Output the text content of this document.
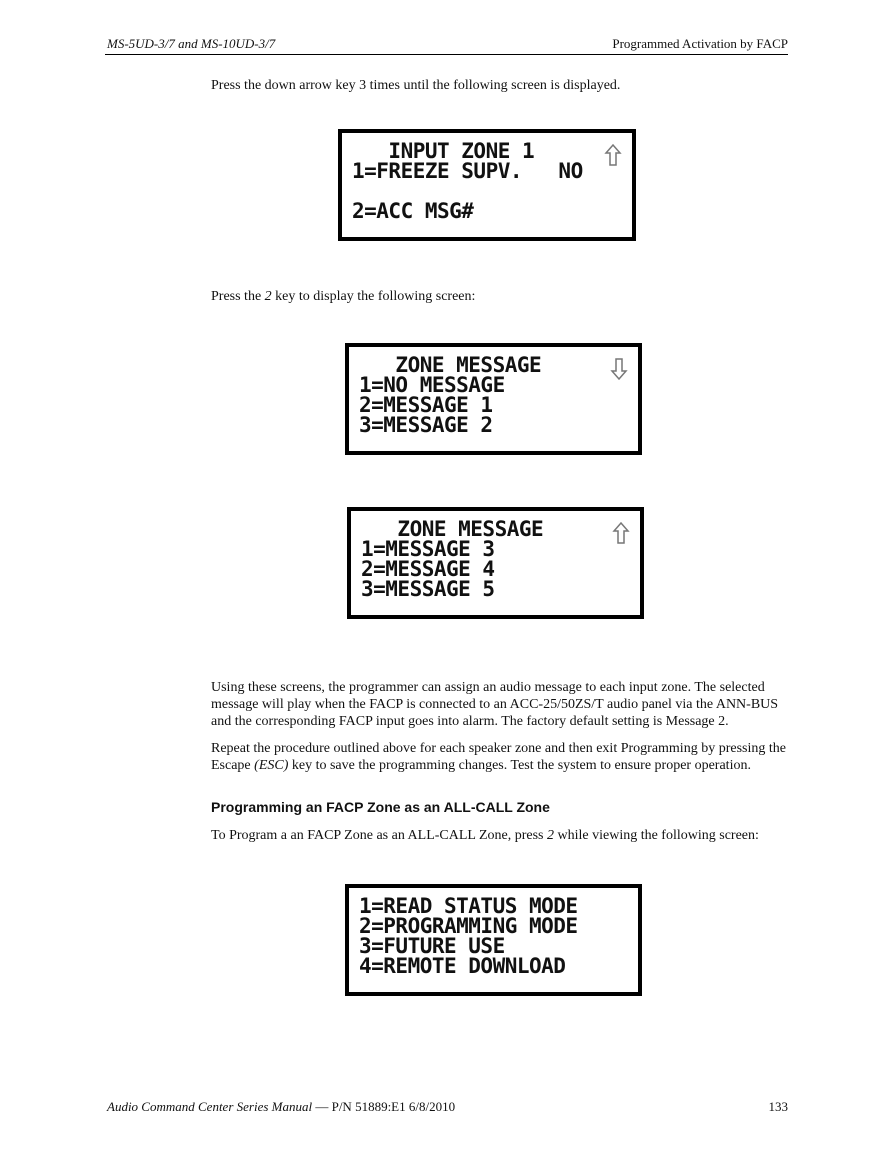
MS-5UD-3/7 and MS-10UD-3/7	Programmed Activation by FACP
Press the down arrow key 3 times until the following screen is displayed.
INPUT ZONE 1
1=FREEZE SUPV.   NO
2=ACC MSG#
Press the 2 key to display the following screen:
ZONE MESSAGE
1=NO MESSAGE
2=MESSAGE 1
3=MESSAGE 2
ZONE MESSAGE
1=MESSAGE 3
2=MESSAGE 4
3=MESSAGE 5
Using these screens, the programmer can assign an audio message to each input zone. The selected message will play when the FACP is connected to an ACC-25/50ZS/T audio panel via the ANN-BUS and the corresponding FACP input goes into alarm. The factory default setting is Message 2.
Repeat the procedure outlined above for each speaker zone and then exit Programming by pressing the Escape (ESC) key to save the programming changes. Test the system to ensure proper operation.
Programming an FACP Zone as an ALL-CALL Zone
To Program a an FACP Zone as an ALL-CALL Zone, press 2 while viewing the following screen:
1=READ STATUS MODE
2=PROGRAMMING MODE
3=FUTURE USE
4=REMOTE DOWNLOAD
Audio Command Center Series Manual — P/N 51889:E1 6/8/2010	133
